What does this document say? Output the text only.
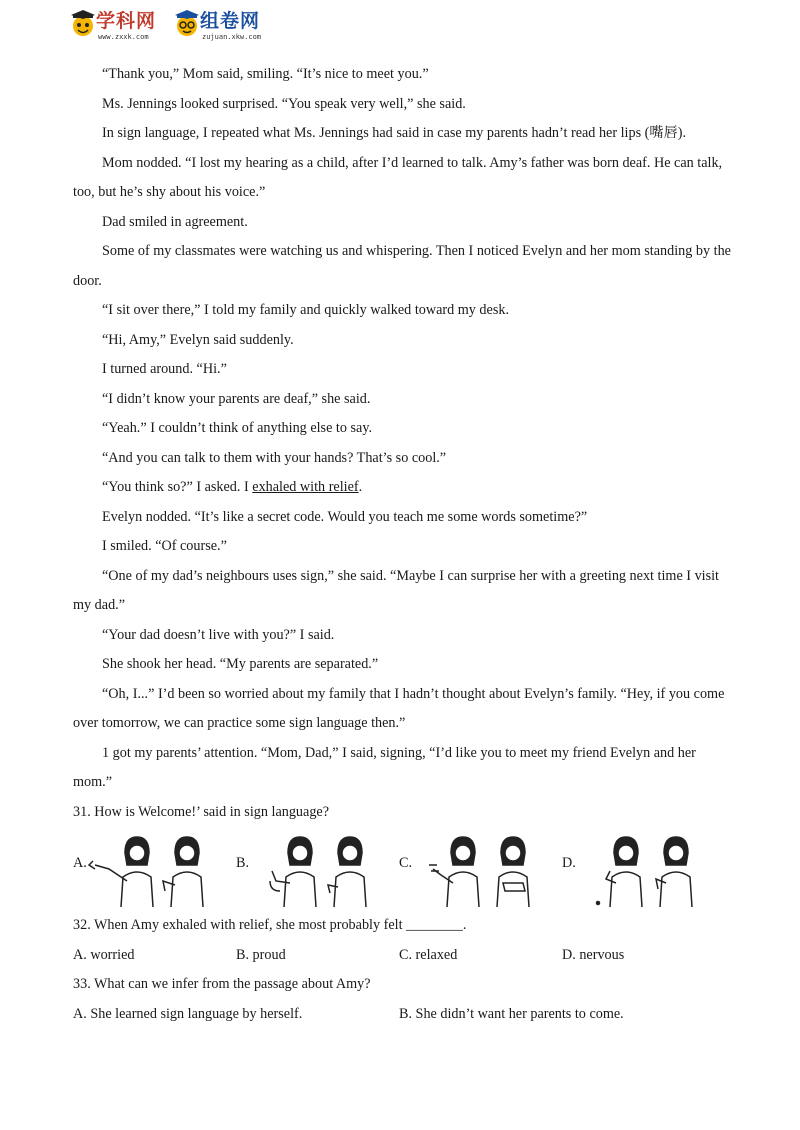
学科网
www.zxxk.com
组卷网
zujuan.xkw.com

“Thank you,” Mom said, smiling. “It’s nice to meet you.”

Ms. Jennings looked surprised. “You speak very well,” she said.

In sign language, I repeated what Ms. Jennings had said in case my parents hadn’t read her lips (嘴唇).

Mom nodded. “I lost my hearing as a child, after I’d learned to talk. Amy’s father was born deaf. He can talk, too, but he’s shy about his voice.”

Dad smiled in agreement.

Some of my classmates were watching us and whispering. Then I noticed Evelyn and her mom standing by the door.

“I sit over there,” I told my family and quickly walked toward my desk.

“Hi, Amy,” Evelyn said suddenly.

I turned around. “Hi.”

“I didn’t know your parents are deaf,” she said.

“Yeah.” I couldn’t think of anything else to say.

“And you can talk to them with your hands? That’s so cool.”

“You think so?” I asked. I exhaled with relief.

Evelyn nodded. “It’s like a secret code. Would you teach me some words sometime?”

I smiled. “Of course.”

“One of my dad’s neighbours uses sign,” she said. “Maybe I can surprise her with a greeting next time I visit my dad.”

“Your dad doesn’t live with you?” I said.

She shook her head. “My parents are separated.”

“Oh, I...” I’d been so worried about my family that I hadn’t thought about Evelyn’s family. “Hey, if you come over tomorrow, we can practice some sign language then.”

1 got my parents’ attention. “Mom, Dad,” I said, signing, “I’d like you to meet my friend Evelyn and her mom.”

31. How is Welcome!’ said in sign language?

A.	B.	C.	D.

32. When Amy exhaled with relief, she most probably felt ________.

A. worried	B. proud	C. relaxed	D. nervous

33. What can we infer from the passage about Amy?

A. She learned sign language by herself.	B. She didn’t want her parents to come.
